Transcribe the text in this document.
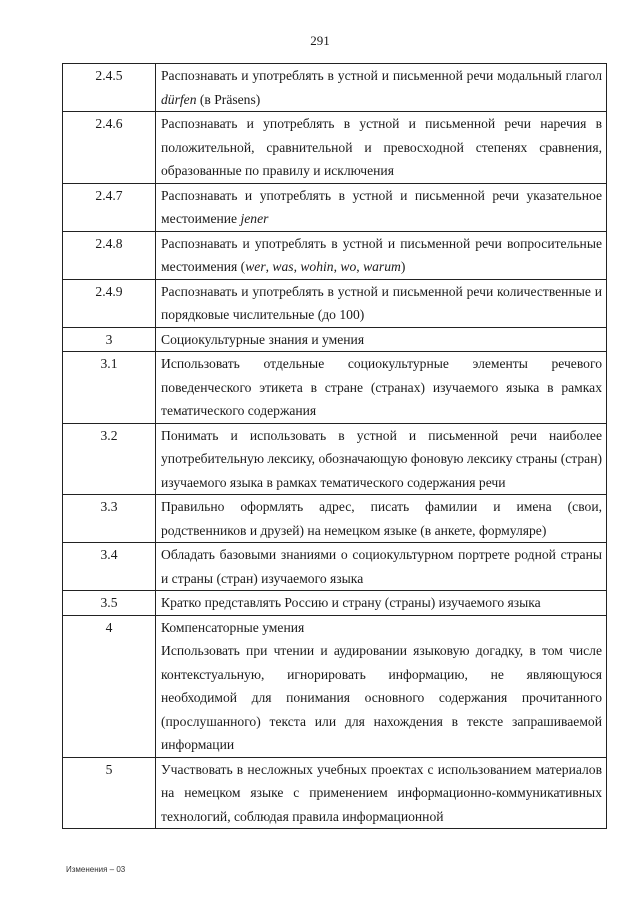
291
2.4.5	Распознавать и употреблять в устной и письменной речи модальный глагол dürfen (в Präsens)

2.4.6	Распознавать и употреблять в устной и письменной речи наречия в положительной, сравнительной и превосходной степенях сравнения, образованные по правилу и исключения

2.4.7	Распознавать и употреблять в устной и письменной речи указательное местоимение jener

2.4.8	Распознавать и употреблять в устной и письменной речи вопросительные местоимения (wer, was, wohin, wo, warum)

2.4.9	Распознавать и употреблять в устной и письменной речи количественные и порядковые числительные (до 100)

3	Социокультурные знания и умения

3.1	Использовать отдельные социокультурные элементы речевого поведенческого этикета в стране (странах) изучаемого языка в рамках тематического содержания

3.2	Понимать и использовать в устной и письменной речи наиболее употребительную лексику, обозначающую фоновую лексику страны (стран) изучаемого языка в рамках тематического содержания речи

3.3	Правильно оформлять адрес, писать фамилии и имена (свои, родственников и друзей) на немецком языке (в анкете, формуляре)

3.4	Обладать базовыми знаниями о социокультурном портрете родной страны и страны (стран) изучаемого языка

3.5	Кратко представлять Россию и страну (страны) изучаемого языка

4	Компенсаторные умения
Использовать при чтении и аудировании языковую догадку, в том числе контекстуальную, игнорировать информацию, не являющуюся необходимой для понимания основного содержания прочитанного (прослушанного) текста или для нахождения в тексте запрашиваемой информации

5	Участвовать в несложных учебных проектах с использованием материалов на немецком языке с применением информационно-коммуникативных технологий, соблюдая правила информационной
Изменения – 03
